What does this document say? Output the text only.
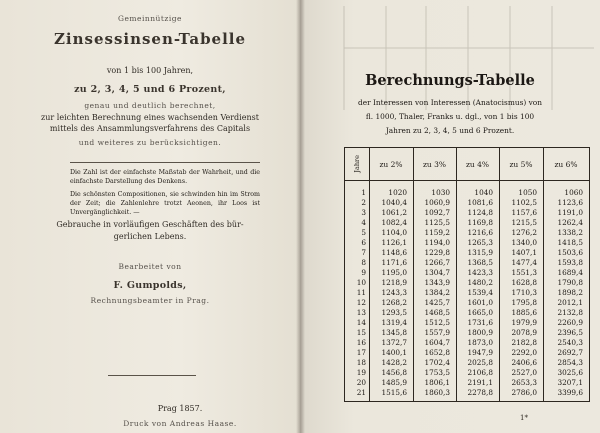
Gemeinnützige
Zinsessinsen-Tabelle
von 1 bis 100 Jahren,
zu 2, 3, 4, 5 und 6 Prozent,
genau und deutlich berechnet,
zur leichten Berechnung eines wachsenden Verdienst
mittels des Ansammlungsverfahrens des Capitals
und weiteres zu berücksichtigen.
Die Zahl ist der einfachste Maßstab der Wahrheit, und die einfachste Darstellung des Denkens.
Die schönsten Compositionen, sie schwinden hin im Strom der Zeit; die Zahlenlehre trotzt Aeonen, ihr Loos ist Unvergänglichkeit. —
Gebrauche in vorläufigen Geschäften des bür-
gerlichen Lebens.
Bearbeitet von
F. Gumpolds,
Rechnungsbeamter in Prag.
Prag 1857.
Druck von Andreas Haase.
Berechnungs-Tabelle
der Interessen von Interessen (Anatocismus) von
fl. 1000, Thaler, Franks u. dgl., von 1 bis 100
Jahren zu 2, 3, 4, 5 und 6 Prozent.
Jahre zu 2%	zu 3%	zu 4%	zu 5%	zu 6%
1	1020	1030	1040	1050	1060
2	1040,4	1060,9	1081,6	1102,5	1123,6
3	1061,2	1092,7	1124,8	1157,6	1191,0
4	1082,4	1125,5	1169,8	1215,5	1262,4
5	1104,0	1159,2	1216,6	1276,2	1338,2
6	1126,1	1194,0	1265,3	1340,0	1418,5
7	1148,6	1229,8	1315,9	1407,1	1503,6
8	1171,6	1266,7	1368,5	1477,4	1593,8
9	1195,0	1304,7	1423,3	1551,3	1689,4
10	1218,9	1343,9	1480,2	1628,8	1790,8
11	1243,3	1384,2	1539,4	1710,3	1898,2
12	1268,2	1425,7	1601,0	1795,8	2012,1
13	1293,5	1468,5	1665,0	1885,6	2132,8
14	1319,4	1512,5	1731,6	1979,9	2260,9
15	1345,8	1557,9	1800,9	2078,9	2396,5
16	1372,7	1604,7	1873,0	2182,8	2540,3
17	1400,1	1652,8	1947,9	2292,0	2692,7
18	1428,2	1702,4	2025,8	2406,6	2854,3
19	1456,8	1753,5	2106,8	2527,0	3025,6
20	1485,9	1806,1	2191,1	2653,3	3207,1
21	1515,6	1860,3	2278,8	2786,0	3399,6
1*
